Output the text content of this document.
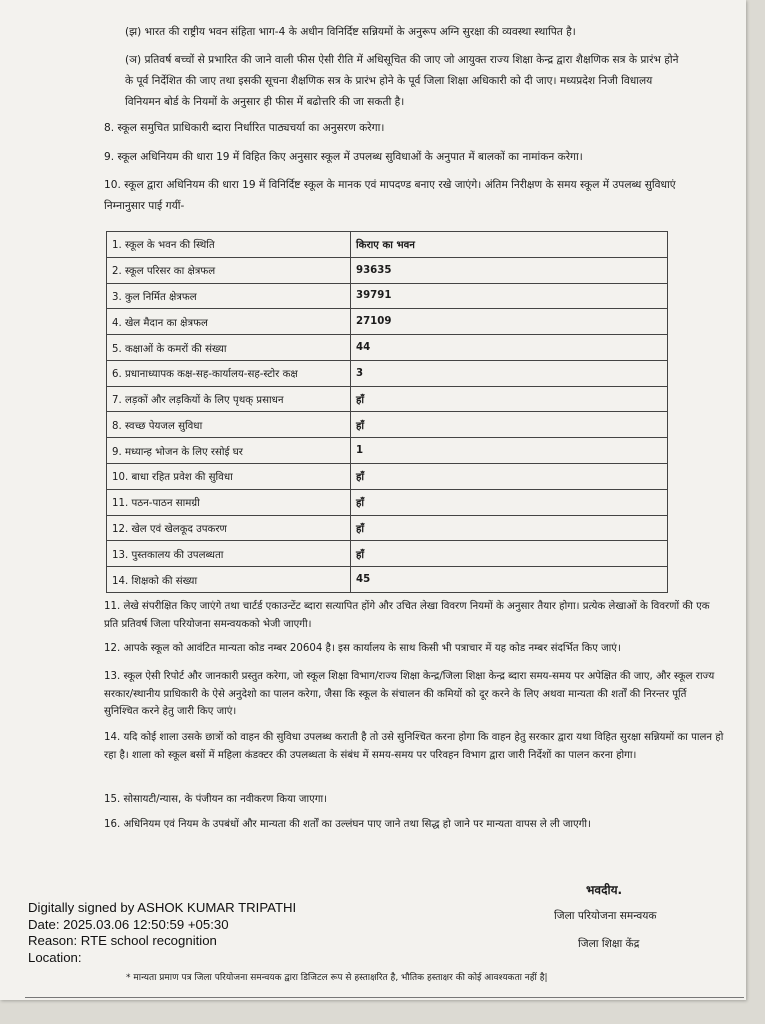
(झ) भारत की राष्ट्रीय भवन संहिता भाग-4 के अधीन विनिर्दिष्ट सन्नियमों के अनुरूप अग्नि सुरक्षा की व्यवस्था स्थापित है।
(ञ) प्रतिवर्ष बच्चों से प्रभारित की जाने वाली फीस ऐसी रीति में अधिसूचित की जाए जो आयुक्त राज्य शिक्षा केन्द्र द्वारा शैक्षणिक सत्र के प्रारंभ होने के पूर्व निर्देशित की जाए तथा इसकी सूचना शैक्षणिक सत्र के प्रारंभ होने के पूर्व जिला शिक्षा अधिकारी को दी जाए। मध्यप्रदेश निजी विधालय विनियमन बोर्ड के नियमों के अनुसार ही फीस में बढोत्तरि की जा सकती है।
8. स्कूल समुचित प्राधिकारी ब्दारा निर्धारित पाठ्यचर्या का अनुसरण करेगा।
9. स्कूल अधिनियम की धारा 19 में विहित किए अनुसार स्कूल में उपलब्ध सुविधाओं के अनुपात में बालकों का नामांकन करेगा।
10. स्कूल द्वारा अधिनियम की धारा 19 में विनिर्दिष्ट स्कूल के मानक एवं मापदण्ड बनाए रखे जाएंगे। अंतिम निरीक्षण के समय स्कूल में उपलब्ध सुविधाएं निम्नानुसार पाई गयीं-
1. स्कूल के भवन की स्थिति	किराए का भवन
2. स्कूल परिसर का क्षेत्रफल	93635
3. कुल निर्मित क्षेत्रफल	39791
4. खेल मैदान का क्षेत्रफल	27109
5. कक्षाओं के कमरों की संख्या	44
6. प्रधानाध्यापक कक्ष-सह-कार्यालय-सह-स्टोर कक्ष	3
7. लड़कों और लड़कियों के लिए पृथक् प्रसाधन	हाँ
8. स्वच्छ पेयजल सुविधा	हाँ
9. मध्यान्ह भोजन के लिए रसोई घर	1
10. बाधा रहित प्रवेश की सुविधा	हाँ
11. पठन-पाठन सामग्री	हाँ
12. खेल एवं खेलकूद उपकरण	हाँ
13. पुस्तकालय की उपलब्धता	हाँ
14. शिक्षको की संख्या	45
11. लेखे संपरीक्षित किए जाएंगे तथा चार्टर्ड एकाउन्टेंट ब्दारा सत्यापित होंगे और उचित लेखा विवरण नियमों के अनुसार तैयार होगा। प्रत्येक लेखाओं के विवरणों की एक प्रति प्रतिवर्ष जिला परियोजना समन्वयकको भेजी जाएगी।
12. आपके स्कूल को आवंटित मान्यता कोड नम्बर 20604 है। इस कार्यालय के साथ किसी भी पत्राचार में यह कोड नम्बर संदर्भित किए जाएं।
13. स्कूल ऐसी रिपोर्ट और जानकारी प्रस्तुत करेगा, जो स्कूल शिक्षा विभाग/राज्य शिक्षा केन्द्र/जिला शिक्षा केन्द्र ब्दारा समय-समय पर अपेक्षित की जाए, और स्कूल राज्य सरकार/स्थानीय प्राधिकारी के ऐसे अनुदेशो का पालन करेगा, जैसा कि स्कूल के संचालन की कमियों को दूर करने के लिए अथवा मान्यता की शर्तों की निरन्तर पूर्ति सुनिश्चित करने हेतु जारी किए जाएं।
14. यदि कोई शाला उसके छात्रों को वाहन की सुविधा उपलब्ध कराती है तो उसे सुनिश्चित करना होगा कि वाहन हेतु सरकार द्वारा यथा विहित सुरक्षा सन्नियमों का पालन हो रहा है। शाला को स्कूल बसों में महिला कंडक्टर की उपलब्धता के संबंध में समय-समय पर परिवहन विभाग द्वारा जारी निर्देशों का पालन करना होगा।
15. सोसायटी/न्यास, के पंजीयन का नवीकरण किया जाएगा।
16. अधिनियम एवं नियम के उपबंधों और मान्यता की शर्तों का उल्लंघन पाए जाने तथा सिद्ध हो जाने पर मान्यता वापस ले ली जाएगी।
भवदीय.
जिला परियोजना समन्वयक
जिला शिक्षा केंद्र
Digitally signed by ASHOK KUMAR TRIPATHI
Date: 2025.03.06 12:50:59 +05:30
Reason: RTE school recognition
Location:
* मान्यता प्रमाण पत्र जिला परियोजना समन्वयक द्वारा डिजिटल रूप से हस्ताक्षरित है, भौतिक हस्ताक्षर की कोई आवश्यकता नहीं है|
